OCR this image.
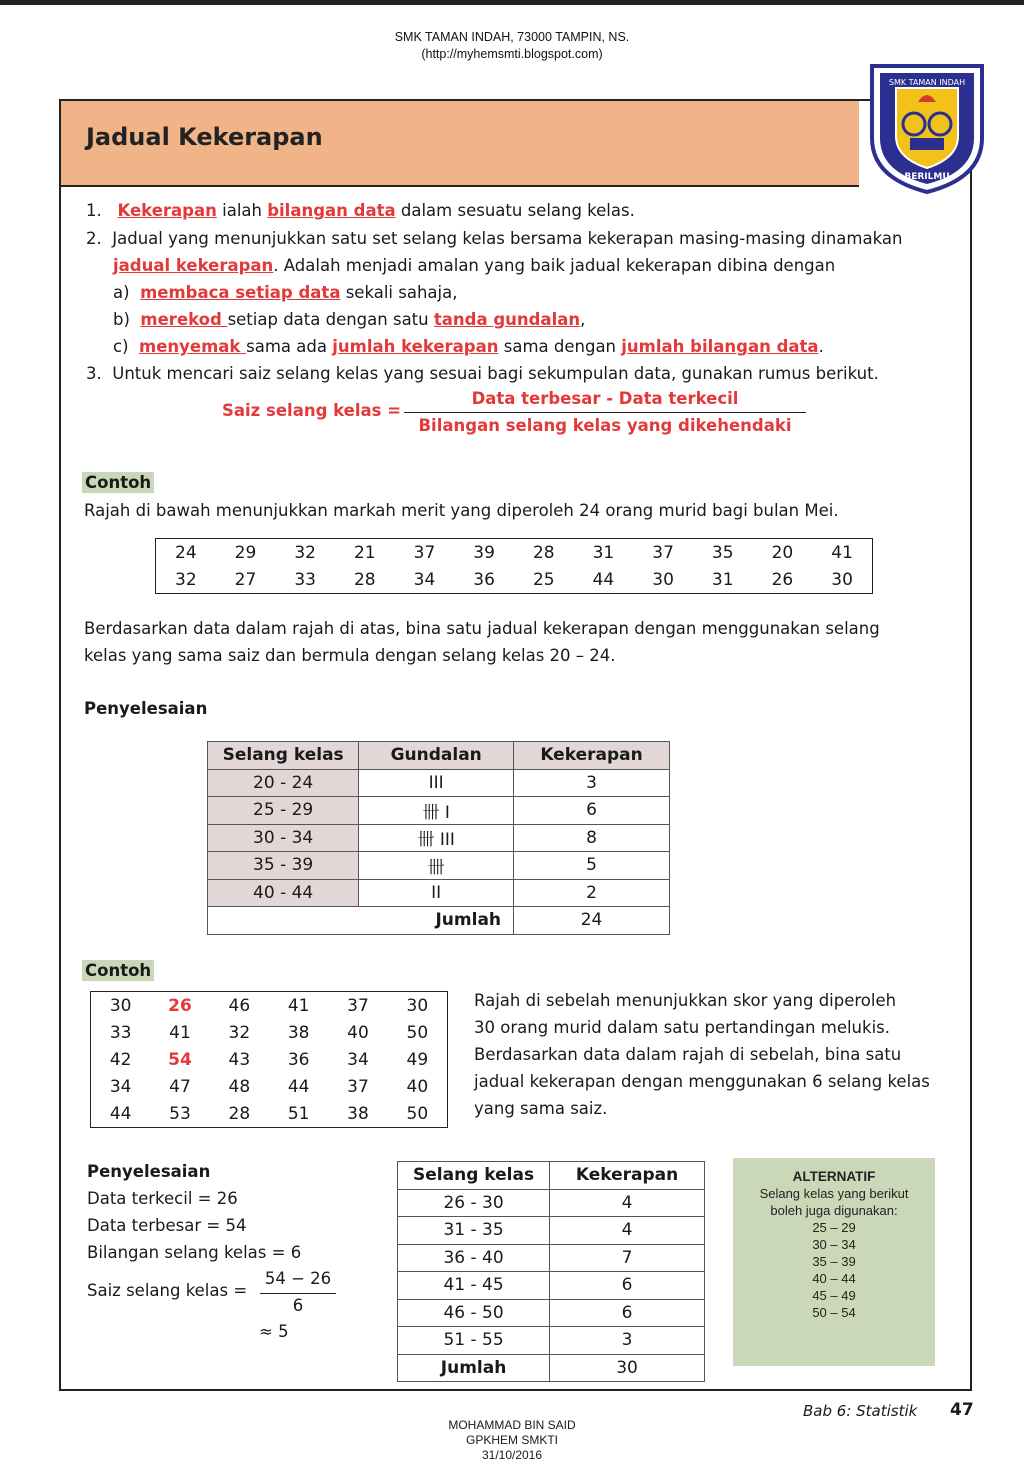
SMK TAMAN INDAH, 73000 TAMPIN, NS.
(http://myhemsmti.blogspot.com)
Jadual Kekerapan
SMK TAMAN INDAH
BERILMU
1. Kekerapan ialah bilangan data dalam sesuatu selang kelas.
2. Jadual yang menunjukkan satu set selang kelas bersama kekerapan masing-masing dinamakan
jadual kekerapan. Adalah menjadi amalan yang baik jadual kekerapan dibina dengan
a) membaca setiap data sekali sahaja,
b) merekod setiap data dengan satu tanda gundalan,
c) menyemak sama ada jumlah kekerapan sama dengan jumlah bilangan data.
3. Untuk mencari saiz selang kelas yang sesuai bagi sekumpulan data, gunakan rumus berikut.
Saiz selang kelas =
Data terbesar - Data terkecil
Bilangan selang kelas yang dikehendaki
Contoh
Rajah di bawah menunjukkan markah merit yang diperoleh 24 orang murid bagi bulan Mei.
24	29	32	21	37	39	28	31	37	35	20	41
32	27	33	28	34	36	25	44	30	31	26	30
Berdasarkan data dalam rajah di atas, bina satu jadual kekerapan dengan menggunakan selang
kelas yang sama saiz dan bermula dengan selang kelas 20 – 24.
Penyelesaian
Selang kelas	Gundalan	Kekerapan
20 - 24	III	3
25 - 29	卌 I	6
30 - 34	卌 III	8
35 - 39	卌	5
40 - 44	II	2
Jumlah		24
Contoh
30	26	46	41	37	30
33	41	32	38	40	50
42	54	43	36	34	49
34	47	48	44	37	40
44	53	28	51	38	50
Rajah di sebelah menunjukkan skor yang diperoleh
30 orang murid dalam satu pertandingan melukis.
Berdasarkan data dalam rajah di sebelah, bina satu
jadual kekerapan dengan menggunakan 6 selang kelas
yang sama saiz.
Penyelesaian
Data terkecil = 26
Data terbesar = 54
Bilangan selang kelas = 6
Saiz selang kelas =
54 − 26
6
≈ 5
Selang kelas	Kekerapan
26 - 30	4
31 - 35	4
36 - 40	7
41 - 45	6
46 - 50	6
51 - 55	3
Jumlah	30
ALTERNATIF
Selang kelas yang berikut
boleh juga digunakan:
25 – 29
30 – 34
35 – 39
40 – 44
45 – 49
50 – 54
Bab 6: Statistik 47
MOHAMMAD BIN SAID
GPKHEM SMKTI
31/10/2016
